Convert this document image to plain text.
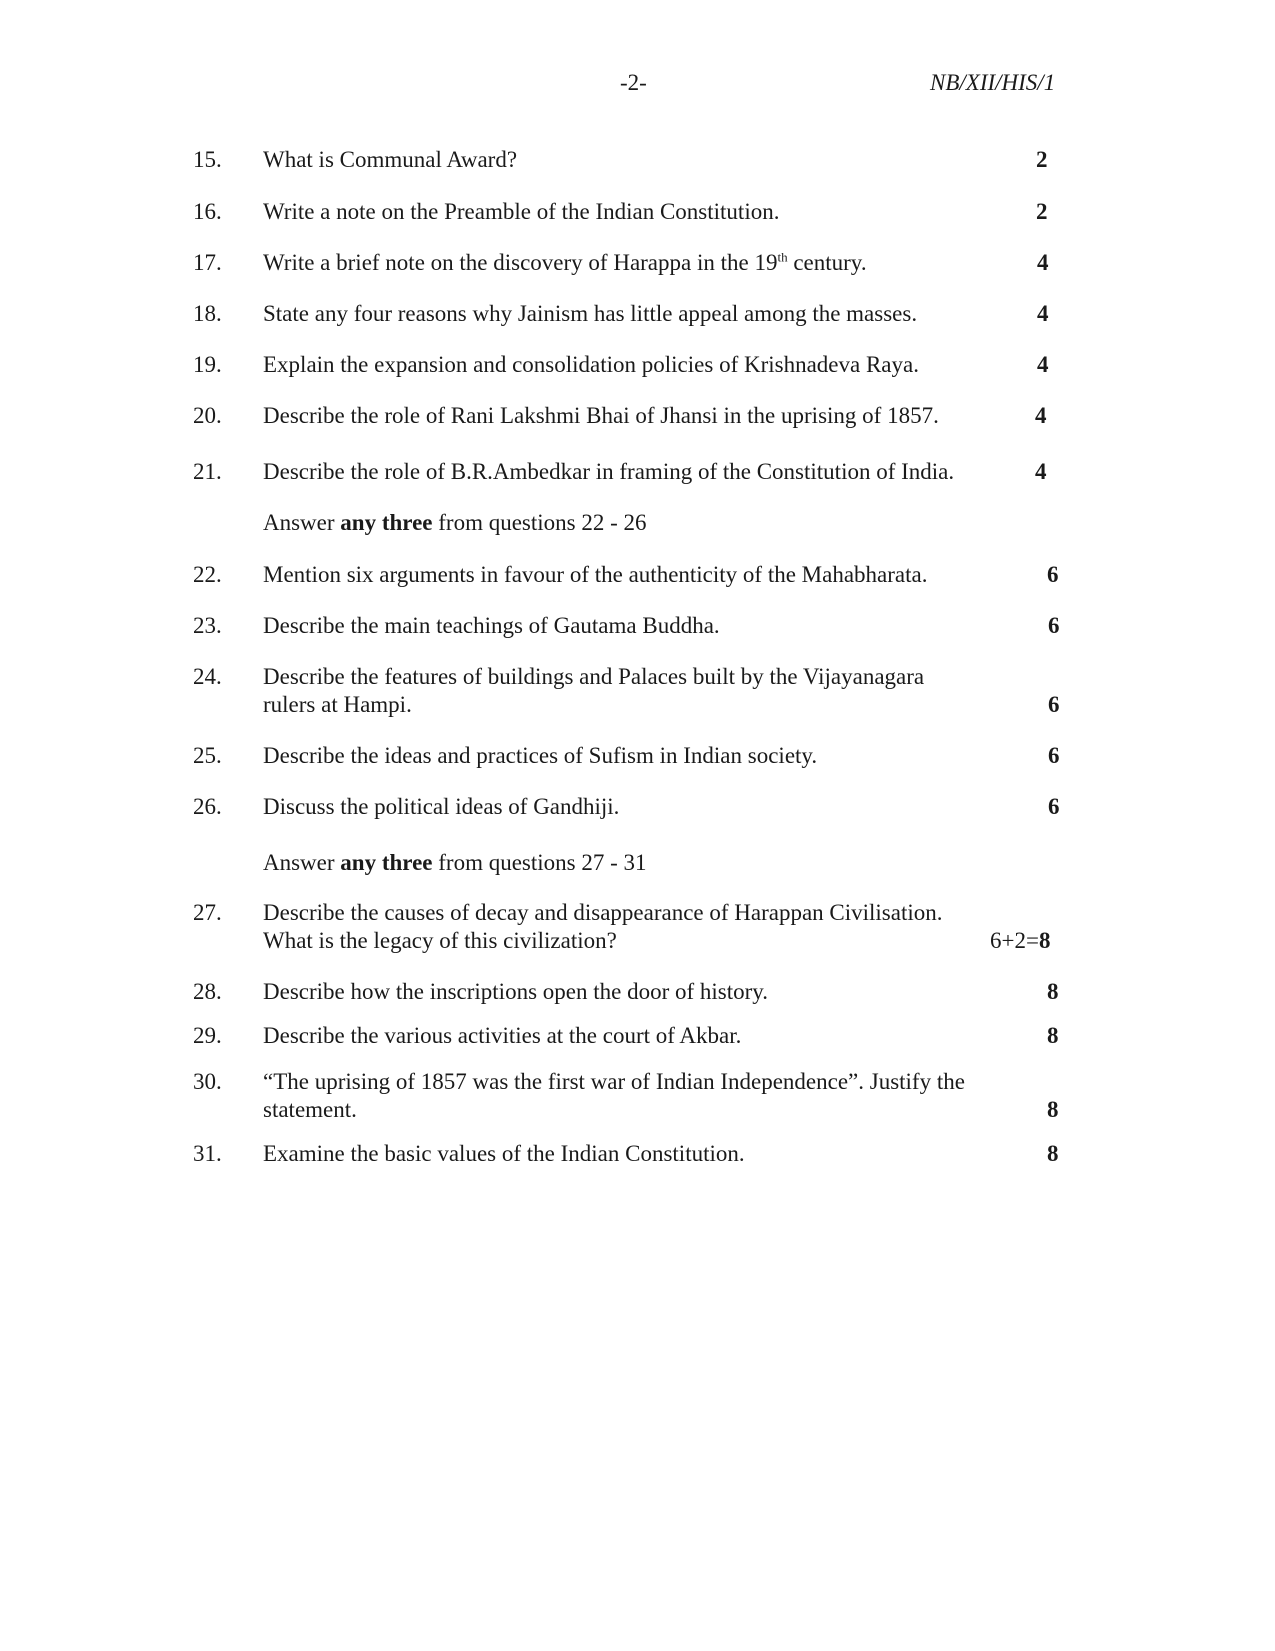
-2-	NB/XII/HIS/1
15. What is Communal Award?	2
16. Write a note on the Preamble of the Indian Constitution.	2
17. Write a brief note on the discovery of Harappa in the 19th century.	4
18. State any four reasons why Jainism has little appeal among the masses.	4
19. Explain the expansion and consolidation policies of Krishnadeva Raya.	4
20. Describe the role of Rani Lakshmi Bhai of Jhansi in the uprising of 1857.	4
21. Describe the role of B.R.Ambedkar in framing of the Constitution of India.	4
Answer any three from questions 22 - 26
22. Mention six arguments in favour of the authenticity of the Mahabharata.	6
23. Describe the main teachings of Gautama Buddha.	6
24. Describe the features of buildings and Palaces built by the Vijayanagara
rulers at Hampi.	6
25. Describe the ideas and practices of Sufism in Indian society.	6
26. Discuss the political ideas of Gandhiji.	6
Answer any three from questions 27 - 31
27. Describe the causes of decay and disappearance of Harappan Civilisation.
What is the legacy of this civilization?	6+2=8
28. Describe how the inscriptions open the door of history.	8
29. Describe the various activities at the court of Akbar.	8
30. “The uprising of 1857 was the first war of Indian Independence”. Justify the
statement.	8
31. Examine the basic values of the Indian Constitution.	8
